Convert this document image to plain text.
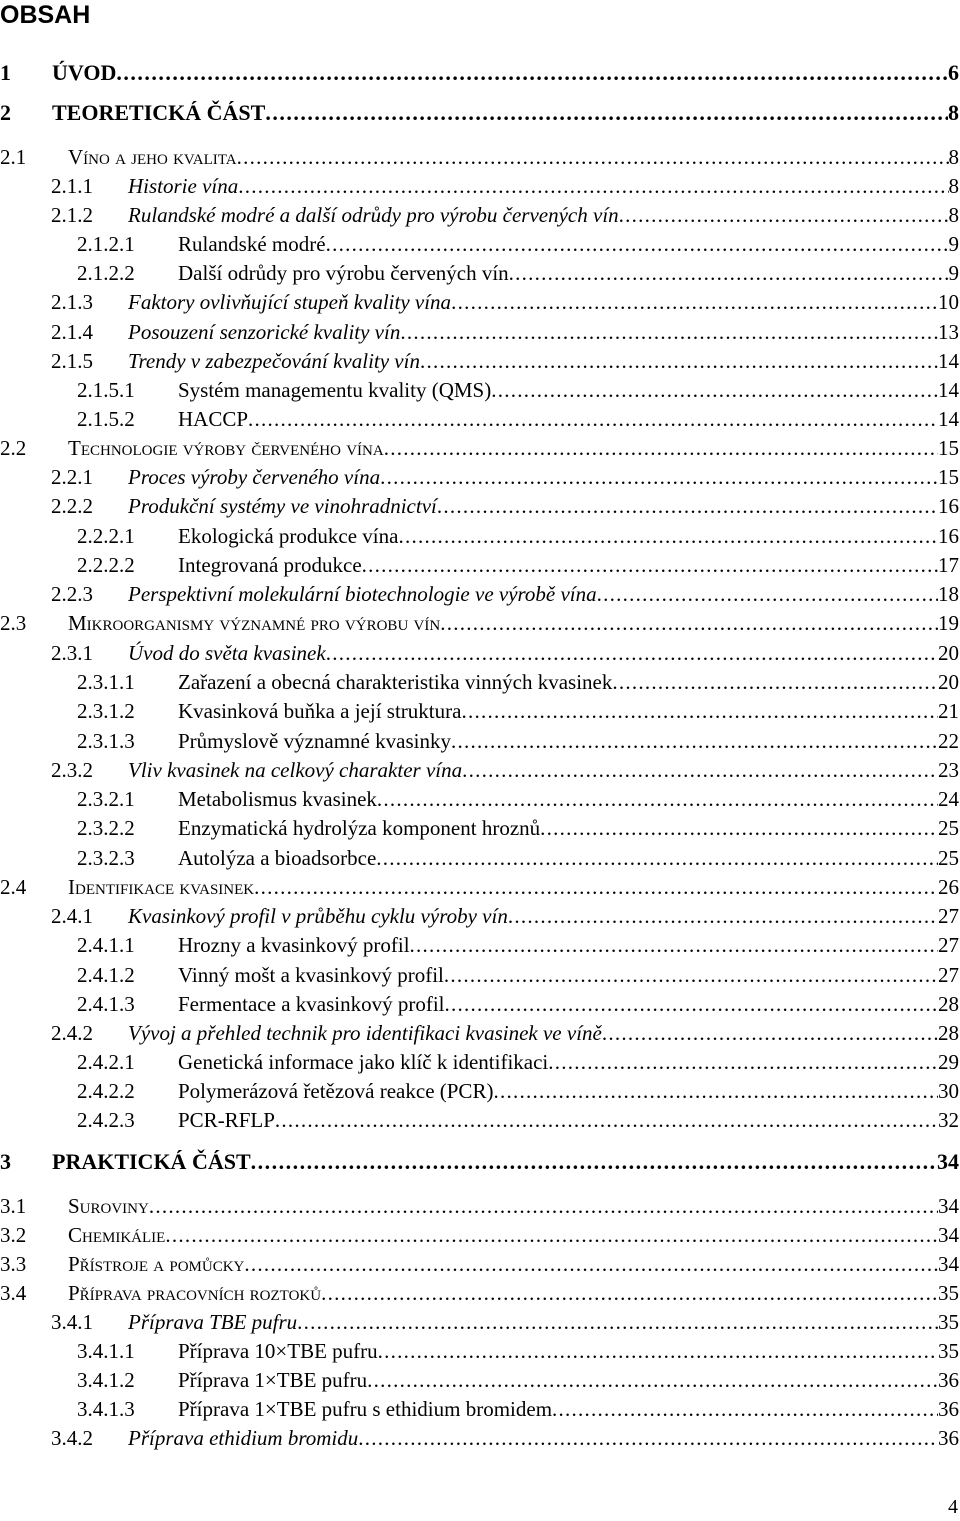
OBSAH
1	ÚVOD . . .	6
2	TEORETICKÁ ČÁST . . .	8
2.1	Víno a jeho kvalita . . .	8
2.1.1	Historie vína . . .	8
2.1.2	Rulandské modré a další odrůdy pro výrobu červených vín . . .	8
2.1.2.1	Rulandské modré . . .	9
2.1.2.2	Další odrůdy pro výrobu červených vín . . .	9
2.1.3	Faktory ovlivňující stupeň kvality vína . . .	10
2.1.4	Posouzení senzorické kvality vín . . .	13
2.1.5	Trendy v zabezpečování kvality vín . . .	14
2.1.5.1	Systém managementu kvality (QMS) . . .	14
2.1.5.2	HACCP . . .	14
2.2	Technologie výroby červeného vína . . .	15
2.2.1	Proces výroby červeného vína . . .	15
2.2.2	Produkční systémy ve vinohradnictví . . .	16
2.2.2.1	Ekologická produkce vína . . .	16
2.2.2.2	Integrovaná produkce . . .	17
2.2.3	Perspektivní molekulární biotechnologie ve výrobě vína . . .	18
2.3	Mikroorganismy významné pro výrobu vín . . .	19
2.3.1	Úvod do světa kvasinek . . .	20
2.3.1.1	Zařazení a obecná charakteristika vinných kvasinek . . .	20
2.3.1.2	Kvasinková buňka a její struktura . . .	21
2.3.1.3	Průmyslově významné kvasinky . . .	22
2.3.2	Vliv kvasinek na celkový charakter vína . . .	23
2.3.2.1	Metabolismus kvasinek . . .	24
2.3.2.2	Enzymatická hydrolýza komponent hroznů . . .	25
2.3.2.3	Autolýza a bioadsorbce . . .	25
2.4	Identifikace kvasinek . . .	26
2.4.1	Kvasinkový profil v průběhu cyklu výroby vín . . .	27
2.4.1.1	Hrozny a kvasinkový profil . . .	27
2.4.1.2	Vinný mošt a kvasinkový profil . . .	27
2.4.1.3	Fermentace a kvasinkový profil . . .	28
2.4.2	Vývoj a přehled technik pro identifikaci kvasinek ve víně . . .	28
2.4.2.1	Genetická informace jako klíč k identifikaci . . .	29
2.4.2.2	Polymerázová řetězová reakce (PCR) . . .	30
2.4.2.3	PCR-RFLP . . .	32
3	PRAKTICKÁ ČÁST . . .	34
3.1	Suroviny . . .	34
3.2	Chemikálie . . .	34
3.3	Přístroje a pomůcky . . .	34
3.4	Příprava pracovních roztoků . . .	35
3.4.1	Příprava TBE pufru . . .	35
3.4.1.1	Příprava 10×TBE pufru . . .	35
3.4.1.2	Příprava 1×TBE pufru . . .	36
3.4.1.3	Příprava 1×TBE pufru s ethidium bromidem . . .	36
3.4.2	Příprava ethidium bromidu . . .	36
4
